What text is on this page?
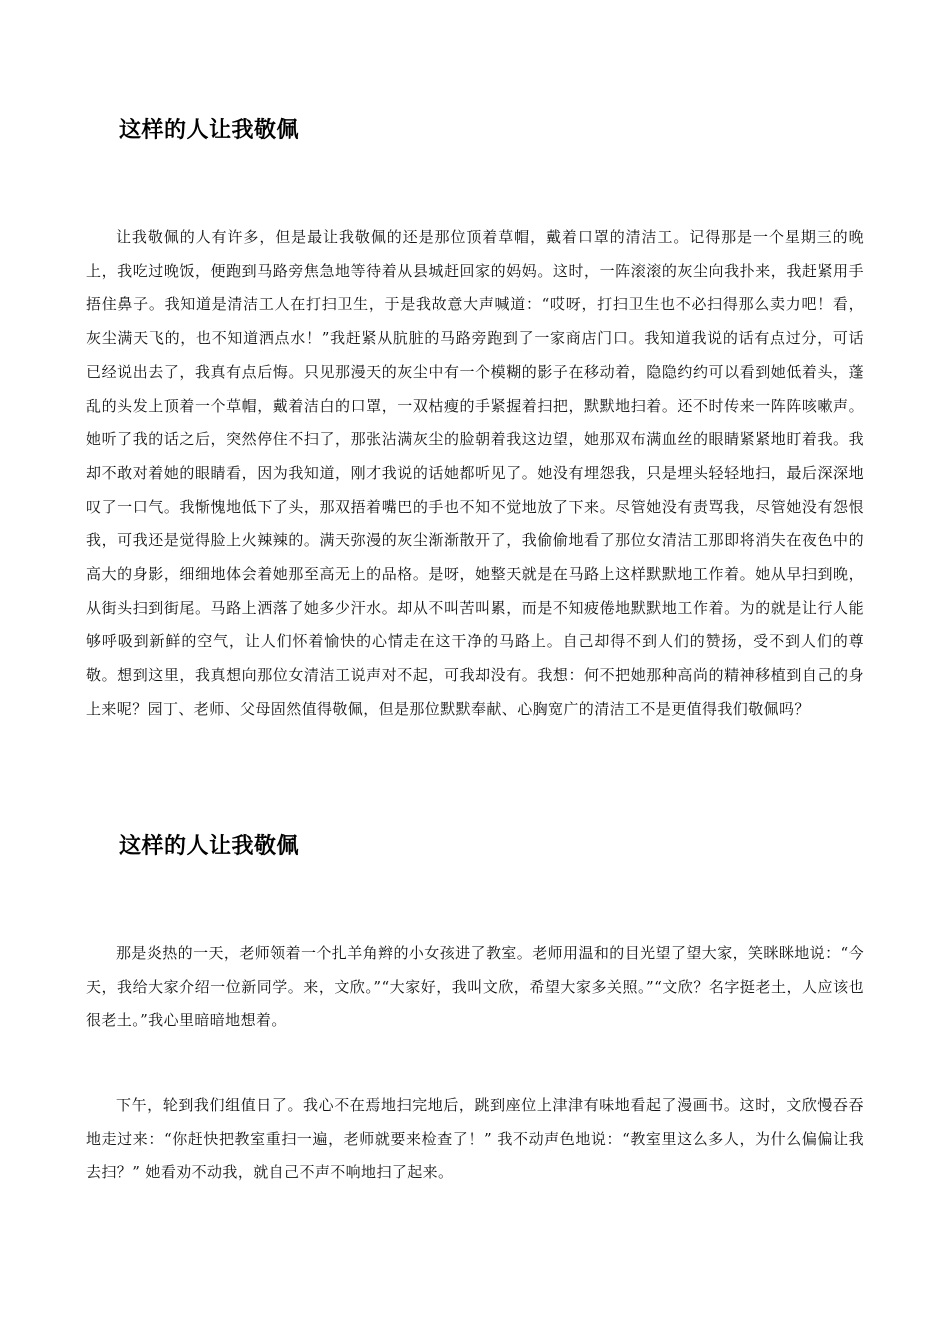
这样的人让我敬佩

让我敬佩的人有许多，但是最让我敬佩的还是那位顶着草帽，戴着口罩的清洁工。记得那是一个星期三的晚上，我吃过晚饭，便跑到马路旁焦急地等待着从县城赶回家的妈妈。这时，一阵滚滚的灰尘向我扑来，我赶紧用手捂住鼻子。我知道是清洁工人在打扫卫生，于是我故意大声喊道：“哎呀，打扫卫生也不必扫得那么卖力吧！看，灰尘满天飞的，也不知道洒点水！”我赶紧从肮脏的马路旁跑到了一家商店门口。我知道我说的话有点过分，可话已经说出去了，我真有点后悔。只见那漫天的灰尘中有一个模糊的影子在移动着，隐隐约约可以看到她低着头，蓬乱的头发上顶着一个草帽，戴着洁白的口罩，一双枯瘦的手紧握着扫把，默默地扫着。还不时传来一阵阵咳嗽声。她听了我的话之后，突然停住不扫了，那张沾满灰尘的脸朝着我这边望，她那双布满血丝的眼睛紧紧地盯着我。我却不敢对着她的眼睛看，因为我知道，刚才我说的话她都听见了。她没有埋怨我，只是埋头轻轻地扫，最后深深地叹了一口气。我惭愧地低下了头，那双捂着嘴巴的手也不知不觉地放了下来。尽管她没有责骂我，尽管她没有怨恨我，可我还是觉得脸上火辣辣的。满天弥漫的灰尘渐渐散开了，我偷偷地看了那位女清洁工那即将消失在夜色中的高大的身影，细细地体会着她那至高无上的品格。是呀，她整天就是在马路上这样默默地工作着。她从早扫到晚，从街头扫到街尾。马路上洒落了她多少汗水。却从不叫苦叫累，而是不知疲倦地默默地工作着。为的就是让行人能够呼吸到新鲜的空气，让人们怀着愉快的心情走在这干净的马路上。自己却得不到人们的赞扬，受不到人们的尊敬。想到这里，我真想向那位女清洁工说声对不起，可我却没有。我想：何不把她那种高尚的精神移植到自己的身上来呢？园丁、老师、父母固然值得敬佩，但是那位默默奉献、心胸宽广的清洁工不是更值得我们敬佩吗？

这样的人让我敬佩

那是炎热的一天，老师领着一个扎羊角辫的小女孩进了教室。老师用温和的目光望了望大家，笑眯眯地说：“今天，我给大家介绍一位新同学。来，文欣。”“大家好，我叫文欣，希望大家多关照。”“文欣？名字挺老土，人应该也很老土。”我心里暗暗地想着。

下午，轮到我们组值日了。我心不在焉地扫完地后，跳到座位上津津有味地看起了漫画书。这时，文欣慢吞吞地走过来：“你赶快把教室重扫一遍，老师就要来检查了！” 我不动声色地说：“教室里这么多人，为什么偏偏让我去扫？” 她看劝不动我，就自己不声不响地扫了起来。
